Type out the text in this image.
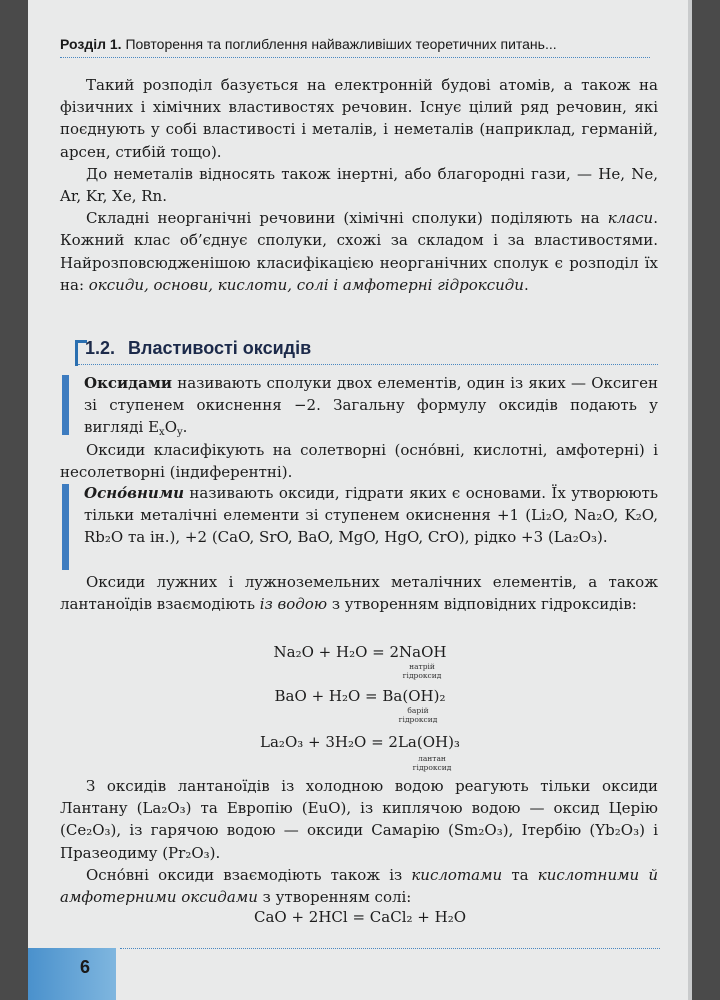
Розділ 1. Повторення та поглиблення найважливіших теоретичних питань...

Такий розподіл базується на електронній будові атомів, а також на фізичних і хімічних властивостях речовин. Існує цілий ряд речовин, які поєднують у собі властивості і металів, і неметалів (наприклад, германій, арсен, стибій тощо).

До неметалів відносять також інертні, або благородні гази, — He, Ne, Ar, Kr, Xe, Rn.

Складні неорганічні речовини (хімічні сполуки) поділяють на класи. Кожний клас об’єднує сполуки, схожі за складом і за властивостями. Найрозповсюдженішою класифікацією неорганічних сполук є розподіл їх на: оксиди, основи, кислоти, солі і амфотерні гідроксиди.

1.2. Властивості оксидів

Оксидами називають сполуки двох елементів, один із яких — Оксиген зі ступенем окиснення −2. Загальну формулу оксидів подають у вигляді $E_xO_y$.

Оксиди класифікують на солетворні (осно́вні, кислотні, амфотерні) і несолетворні (індиферентні).

Осно́вними називають оксиди, гідрати яких є основами. Їх утворюють тільки металічні елементи зі ступенем окиснення +1 (Li₂O, Na₂O, K₂O, Rb₂O та ін.), +2 (CaO, SrO, BaO, MgO, HgO, CrO), рідко +3 (La₂O₃).

Оксиди лужних і лужноземельних металічних елементів, а також лантаноїдів взаємодіють із водою з утворенням відповідних гідроксидів:

Na₂O + H₂O = 2NaOH
натрій гідроксид
BaO + H₂O = Ba(OH)₂
барій гідроксид
La₂O₃ + 3H₂O = 2La(OH)₃
лантан гідроксид

З оксидів лантаноїдів із холодною водою реагують тільки оксиди Лантану (La₂O₃) та Европію (EuO), із киплячою водою — оксид Церію (Ce₂O₃), із гарячою водою — оксиди Самарію (Sm₂O₃), Ітербію (Yb₂O₃) і Празеодиму (Pr₂O₃).

Осно́вні оксиди взаємодіють також із кислотами та кислотними й амфотерними оксидами з утворенням солі:

CaO + 2HCl = CaCl₂ + H₂O
6
